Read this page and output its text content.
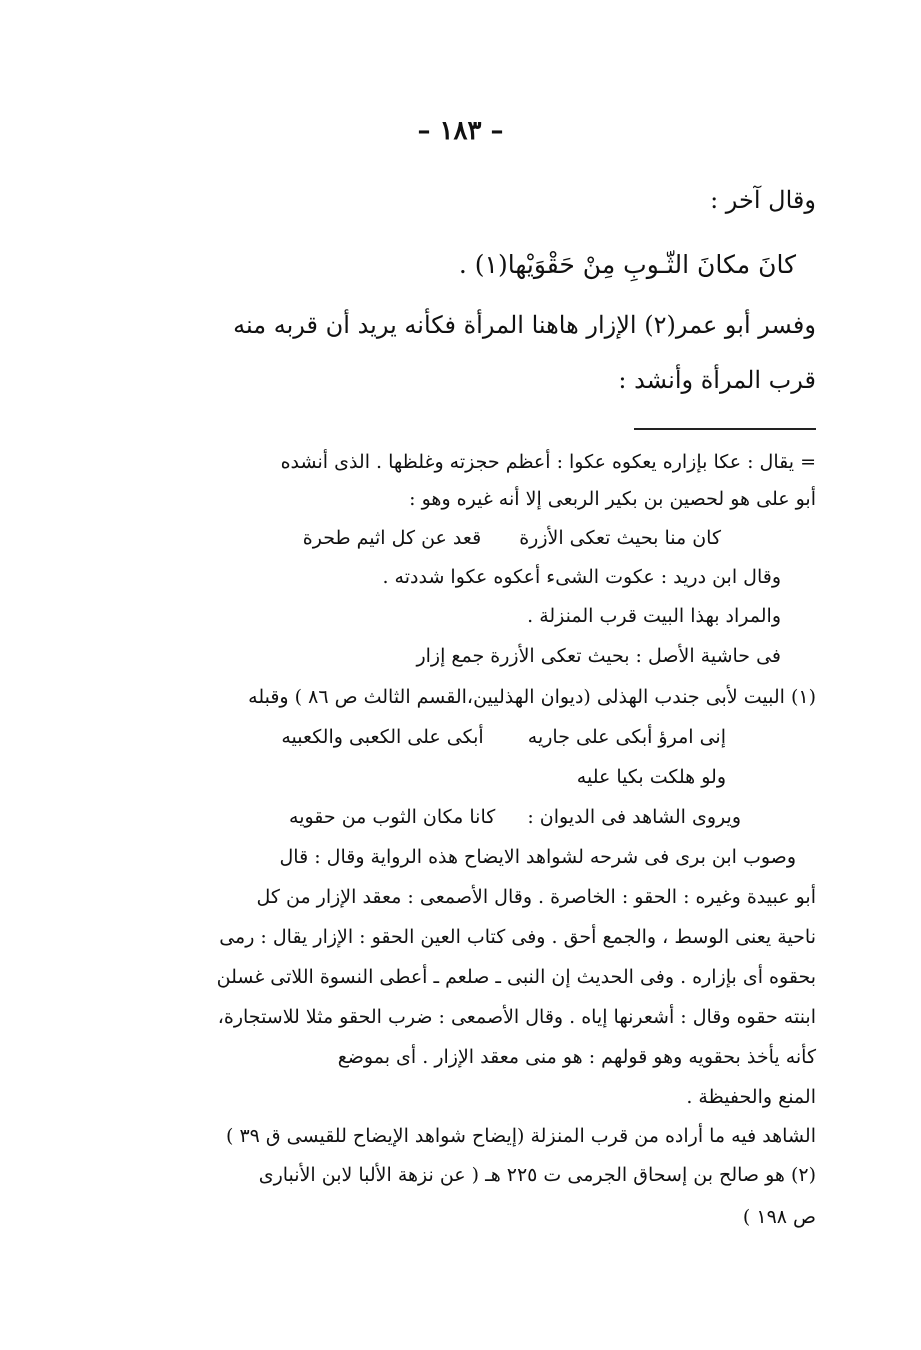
– ١٨٣ –
وقال آخر :
كانَ مكانَ الثّـوبِ مِنْ حَقْوَيْها(١) .
وفسر أبو عمر(٢) الإزار هاهنا المرأة فكأنه يريد أن قربه منه
قرب المرأة وأنشد :
= يقال : عكا بإزاره يعكوه عكوا : أعظم حجزته وغلظها . الذى أنشده
أبو على هو لحصين بن بكير الربعى إلا أنه غيره وهو :
كان منا بحيث تعكى الأزرة قعد عن كل اثيم طحرة
وقال ابن دريد : عكوت الشىء أعكوه عكوا شددته .
والمراد بهذا البيت قرب المنزلة .
فى حاشية الأصل : بحيث تعكى الأزرة جمع إزار
(١) البيت لأبى جندب الهذلى (ديوان الهذليين،القسم الثالث ص ٨٦ ) وقبله
إنى امرؤ أبكى على جاريه أبكى على الكعبى والكعبيه
ولو هلكت بكيا عليه
ويروى الشاهد فى الديوان : كانا مكان الثوب من حقويه
وصوب ابن برى فى شرحه لشواهد الايضاح هذه الرواية وقال : قال
أبو عبيدة وغيره : الحقو : الخاصرة . وقال الأصمعى : معقد الإزار من كل
ناحية يعنى الوسط ، والجمع أحق . وفى كتاب العين الحقو : الإزار يقال : رمى
بحقوه أى بإزاره . وفى الحديث إن النبى ـ صلعم ـ أعطى النسوة اللاتى غسلن
ابنته حقوه وقال : أشعرنها إياه . وقال الأصمعى : ضرب الحقو مثلا للاستجارة،
كأنه يأخذ بحقويه وهو قولهم : هو منى معقد الإزار . أى بموضع
المنع والحفيظة .
الشاهد فيه ما أراده من قرب المنزلة (إيضاح شواهد الإيضاح للقيسى ق ٣٩ )
(٢) هو صالح بن إسحاق الجرمى ت ٢٢٥ هـ ( عن نزهة الألبا لابن الأنبارى
ص ١٩٨ )
